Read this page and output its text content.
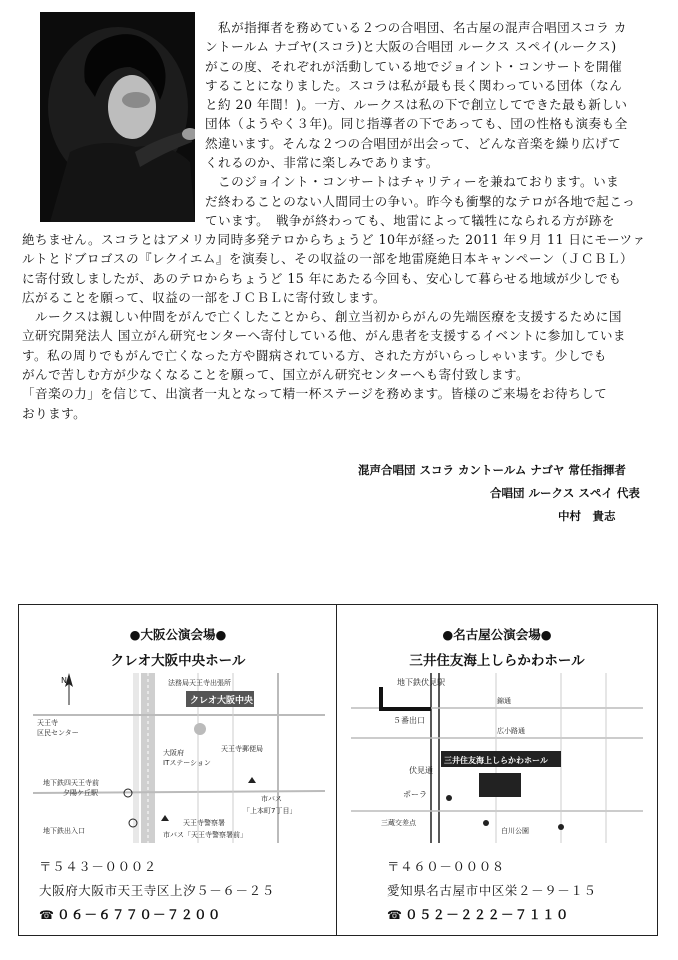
　私が指揮者を務めている２つの合唱団、名古屋の混声合唱団スコラ カ
ントールム ナゴヤ(スコラ)と大阪の合唱団 ルークス スペイ(ルークス)
がこの度、それぞれが活動している地でジョイント・コンサートを開催
することになりました。スコラは私が最も長く関わっている団体（なん
と約 20 年間！)。一方、ルークスは私の下で創立してできた最も新しい
団体（ようやく３年)。同じ指導者の下であっても、団の性格も演奏も全
然違います。そんな２つの合唱団が出会って、どんな音楽を繰り広げて
くれるのか、非常に楽しみであります。
　このジョイント・コンサートはチャリティーを兼ねております。いま
だ終わることのない人間同士の争い。昨今も衝撃的なテロが各地で起こっ
ています。　戦争が終わっても、地雷によって犠牲になられる方が跡を
絶ちません。スコラとはアメリカ同時多発テロからちょうど 10年が経った 2011 年９月 11 日にモーツァ
ルトとドブロゴスの『レクイエム』を演奏し、その収益の一部を地雷廃絶日本キャンペーン（ＪＣＢＬ）
に寄付致しましたが、あのテロからちょうど 15 年にあたる今回も、安心して暮らせる地域が少しでも
広がることを願って、収益の一部をＪＣＢＬに寄付致します。
　ルークスは親しい仲間をがんで亡くしたことから、創立当初からがんの先端医療を支援するために国
立研究開発法人 国立がん研究センターへ寄付している他、がん患者を支援するイベントに参加していま
す。私の周りでもがんで亡くなった方や闘病されている方、された方がいらっしゃいます。少しでも
がんで苦しむ方が少なくなることを願って、国立がん研究センターへも寄付致します。
「音楽の力」を信じて、出演者一丸となって精一杯ステージを務めます。皆様のご来場をお待ちして
おります。
混声合唱団 スコラ カントールム ナゴヤ 常任指揮者
合唱団 ルークス スペイ 代表
中村　貴志
●大阪公演会場●
クレオ大阪中央ホール
N
クレオ大阪中央
法務局天王寺出張所
天王寺
区民センター
大阪府
ITステーション
天王寺郵便局
地下鉄四天王寺前
夕陽ケ丘駅
地下鉄出入口
市バス
「上本町7丁目」
天王寺警察署
市バス「天王寺警察署前」
〒５４３－０００２
大阪府大阪市天王寺区上汐５－６－２５
☎ ０６－６７７０－７２００
●名古屋公演会場●
三井住友海上しらかわホール
地下鉄伏見駅
５番出口
三井住友海上しらかわホール
伏見通
錦通
広小路通
ポーラ
三蔵交差点
白川公園
〒４６０－０００８
愛知県名古屋市中区栄２－９－１５
☎ ０５２－２２２－７１１０
